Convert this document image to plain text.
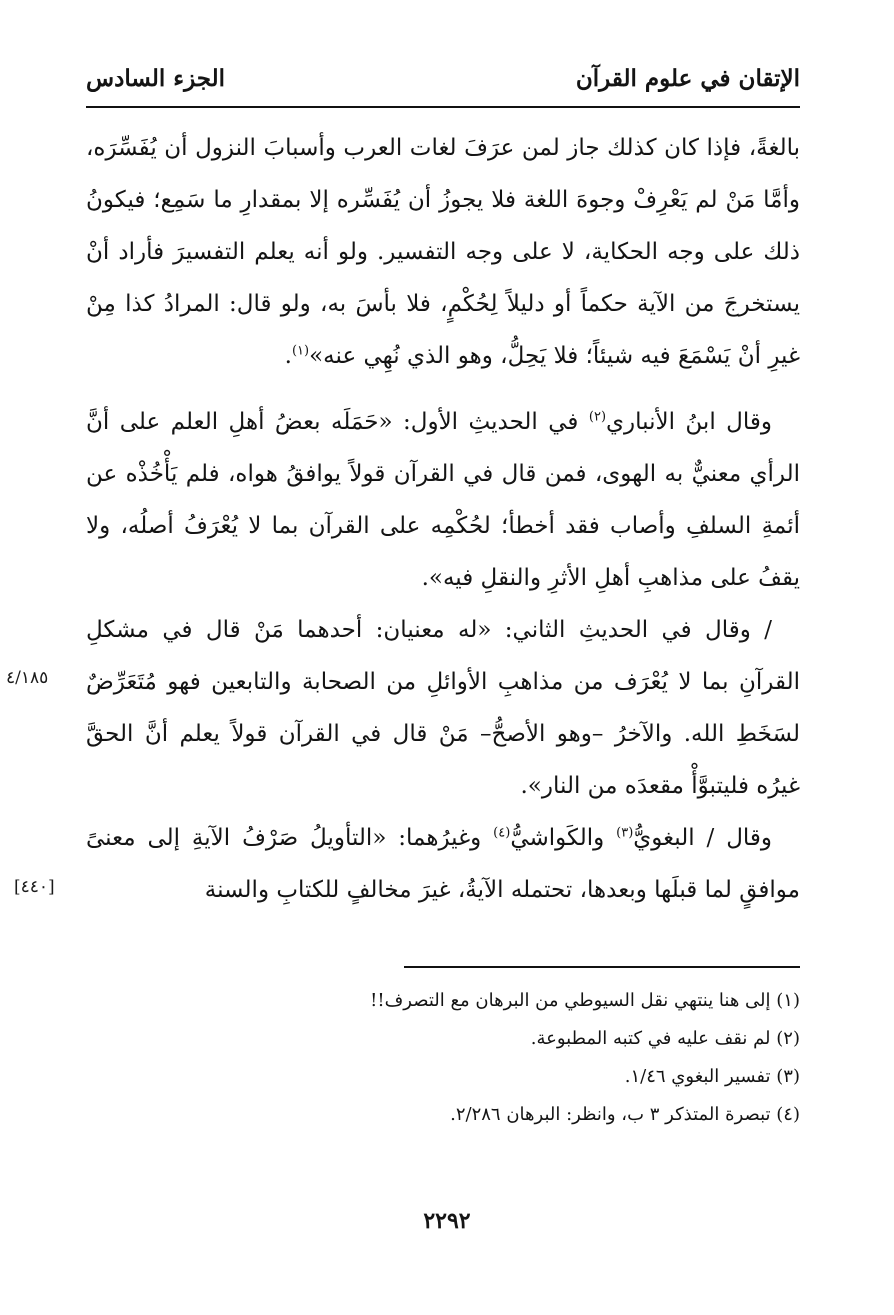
الإتقان في علوم القرآن
الجزء السادس

بالغةً، فإذا كان كذلك جاز لمن عرَفَ لغات العرب وأسبابَ النزول أن يُفَسِّرَه، وأمَّا مَنْ لم يَعْرِفْ وجوهَ اللغة فلا يجوزُ أن يُفَسِّره إلا بمقدارِ ما سَمِع؛ فيكونُ ذلك على وجه الحكاية، لا على وجه التفسير. ولو أنه يعلم التفسيرَ فأراد أنْ يستخرجَ من الآية حكماً أو دليلاً لِحُكْمٍ، فلا بأسَ به، ولو قال: المرادُ كذا مِنْ غيرِ أنْ يَسْمَعَ فيه شيئاً؛ فلا يَحِلُّ، وهو الذي نُهِي عنه»$^{(١)}$.

وقال ابنُ الأنباري$^{(٢)}$ في الحديثِ الأول: «حَمَلَه بعضُ أهلِ العلم على أنَّ الرأي معنيٌّ به الهوى، فمن قال في القرآن قولاً يوافقُ هواه، فلم يَأْخُذْه عن أئمةِ السلفِ وأصاب فقد أخطأ؛ لحُكْمِه على القرآن بما لا يُعْرَفُ أصلُه، ولا يقفُ على مذاهبِ أهلِ الأثرِ والنقلِ فيه».

/ وقال في الحديثِ الثاني: «له معنيان: أحدهما مَنْ قال في مشكلِ القرآنِ بما لا يُعْرَف من مذاهبِ الأوائلِ من الصحابة والتابعين فهو مُتَعَرِّضٌ لسَخَطِ الله. والآخرُ –وهو الأصحُّ– مَنْ قال في القرآن قولاً يعلم أنَّ الحقَّ غيرُه فليتبوَّأْ مقعدَه من النار».

وقال / البغويُّ$^{(٣)}$ والكَواشيُّ$^{(٤)}$ وغيرُهما: «التأويلُ صَرْفُ الآيةِ إلى معنىً موافقٍ لما قبلَها وبعدها، تحتمله الآيةُ، غيرَ مخالفٍ للكتابِ والسنة

٤/١٨٥
[٤٤٠]

(١) إلى هنا ينتهي نقل السيوطي من البرهان مع التصرف!!

(٢) لم نقف عليه في كتبه المطبوعة.

(٣) تفسير البغوي ١/٤٦.

(٤) تبصرة المتذكر ٣ ب، وانظر: البرهان ٢/٢٨٦.

٢٢٩٢
